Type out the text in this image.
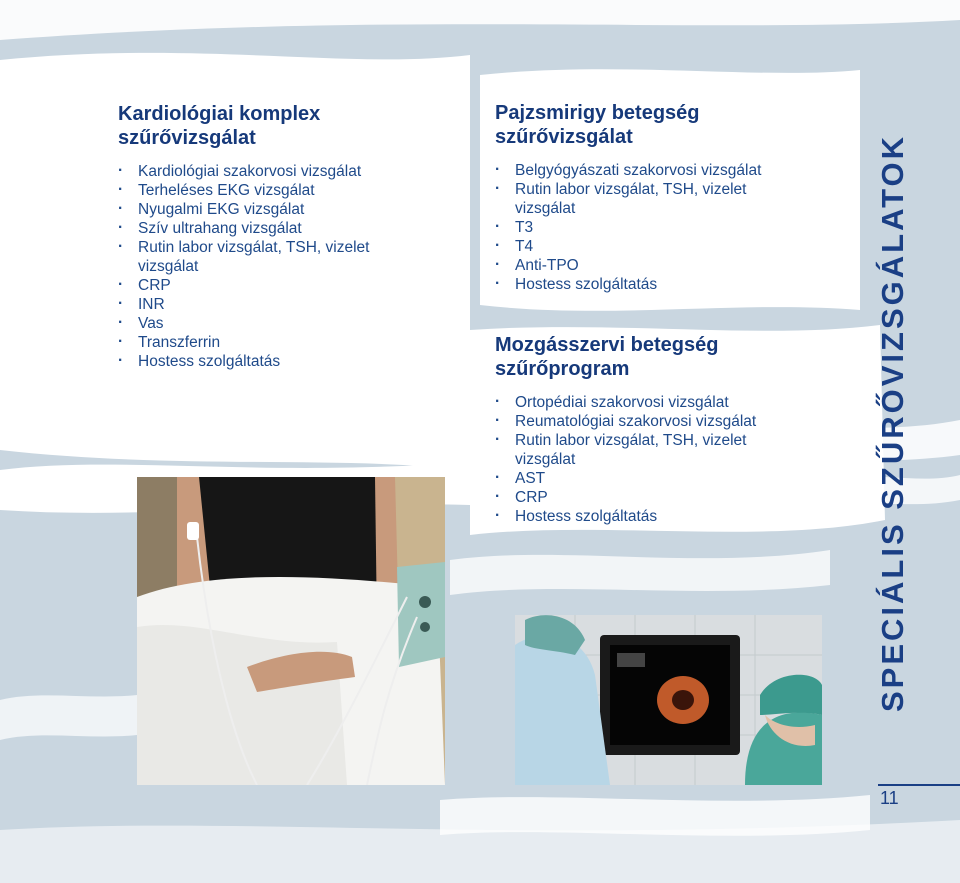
Kardiológiai komplex
szűrővizsgálat
· Kardiológiai szakorvosi vizsgálat
· Terheléses EKG vizsgálat
· Nyugalmi EKG vizsgálat
· Szív ultrahang vizsgálat
· Rutin labor vizsgálat, TSH, vizelet vizsgálat
· CRP
· INR
· Vas
· Transzferrin
· Hostess szolgáltatás
Pajzsmirigy betegség
szűrővizsgálat
· Belgyógyászati szakorvosi vizsgálat
· Rutin labor vizsgálat, TSH, vizelet vizsgálat
· T3
· T4
· Anti-TPO
· Hostess szolgáltatás
Mozgásszervi betegség
szűrőprogram
· Ortopédiai szakorvosi vizsgálat
· Reumatológiai szakorvosi vizsgálat
· Rutin labor vizsgálat, TSH, vizelet vizsgálat
· AST
· CRP
· Hostess szolgáltatás	SPECIÁLIS SZŰRŐVIZSGÁLATOK
11
